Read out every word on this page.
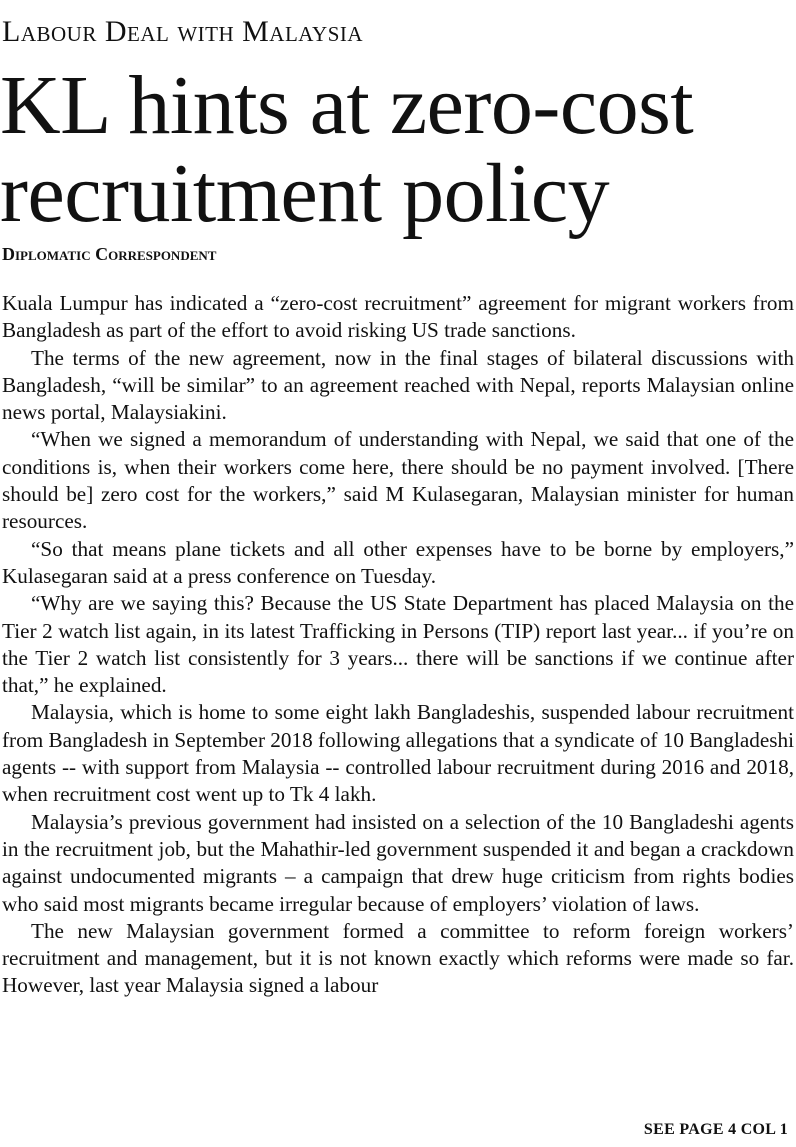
Labour Deal with Malaysia
KL hints at zero-cost recruitment policy
Diplomatic Correspondent

Kuala Lumpur has indicated a “zero-cost recruitment” agreement for migrant workers from Bangladesh as part of the effort to avoid risking US trade sanctions.

The terms of the new agreement, now in the final stages of bilateral discussions with Bangladesh, “will be similar” to an agreement reached with Nepal, reports Malaysian online news portal, Malaysiakini.

“When we signed a memorandum of understanding with Nepal, we said that one of the conditions is, when their workers come here, there should be no payment involved. [There should be] zero cost for the workers,” said M Kulasegaran, Malaysian minister for human resources.

“So that means plane tickets and all other expenses have to be borne by employers,” Kulasegaran said at a press conference on Tuesday.

“Why are we saying this? Because the US State Department has placed Malaysia on the Tier 2 watch list again, in its latest Trafficking in Persons (TIP) report last year... if you’re on the Tier 2 watch list consistently for 3 years... there will be sanctions if we continue after that,” he explained.

Malaysia, which is home to some eight lakh Bangladeshis, suspended labour recruitment from Bangladesh in September 2018 following allegations that a syndicate of 10 Bangladeshi agents -- with support from Malaysia -- controlled labour recruitment during 2016 and 2018, when recruitment cost went up to Tk 4 lakh.

Malaysia’s previous government had insisted on a selection of the 10 Bangladeshi agents in the recruitment job, but the Mahathir-led government suspended it and began a crackdown against undocumented migrants – a campaign that drew huge criticism from rights bodies who said most migrants became irregular because of employers’ violation of laws.

The new Malaysian government formed a committee to reform foreign workers’ recruitment and management, but it is not known exactly which reforms were made so far. However, last year Malaysia signed a labour

SEE PAGE 4 COL 1
